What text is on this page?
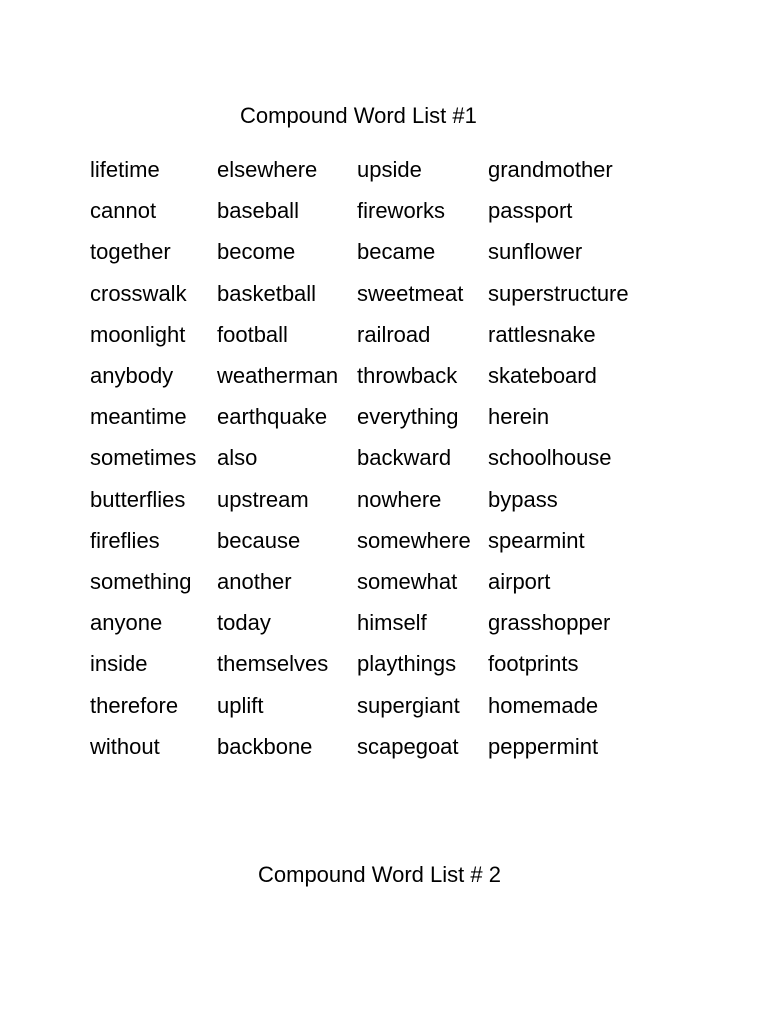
Compound Word List #1
lifetime	elsewhere upside	grandmother
cannot	baseball	fireworks passport
together become	became sunflower
crosswalk basketball sweetmeat superstructure
moonlight football	railroad	rattlesnake
anybody weatherman throwback skateboard
meantime earthquake everything herein
sometimes also	backward schoolhouse
butterflies upstream nowhere bypass
fireflies	because	somewhere spearmint
something another	somewhat airport
anyone today	himself	grasshopper
inside	themselves playthings footprints
therefore uplift	supergiant homemade
without	backbone scapegoat peppermint
Compound Word List # 2
